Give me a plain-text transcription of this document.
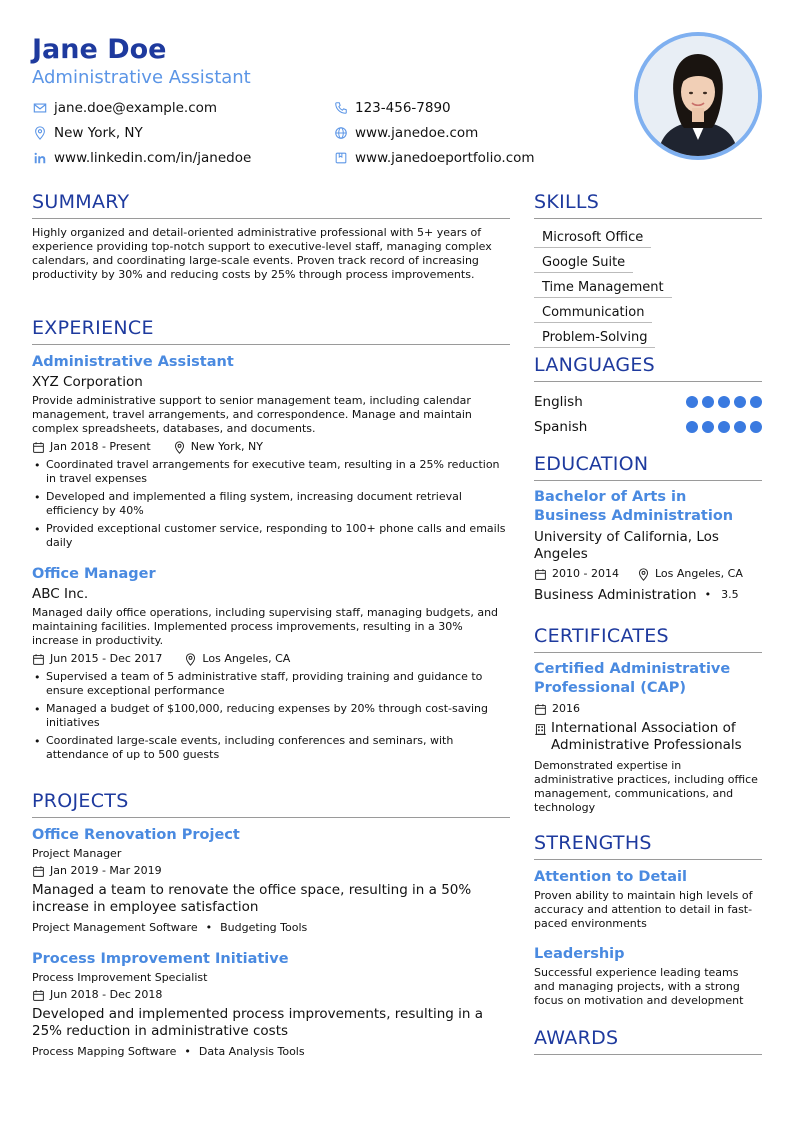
Jane Doe
Administrative Assistant
jane.doe@example.com	123-456-7890
New York, NY	www.janedoe.com
www.linkedin.com/in/janedoe	www.janedoeportfolio.com
SUMMARY
Highly organized and detail-oriented administrative professional with 5+ years of experience providing top-notch support to executive-level staff, managing complex calendars, and coordinating large-scale events. Proven track record of increasing productivity by 30% and reducing costs by 25% through process improvements.
EXPERIENCE
Administrative Assistant
XYZ Corporation
Provide administrative support to senior management team, including calendar management, travel arrangements, and correspondence. Manage and maintain complex spreadsheets, databases, and documents.
Jan 2018 - Present	New York, NY
• Coordinated travel arrangements for executive team, resulting in a 25% reduction in travel expenses
• Developed and implemented a filing system, increasing document retrieval efficiency by 40%
• Provided exceptional customer service, responding to 100+ phone calls and emails daily
Office Manager
ABC Inc.
Managed daily office operations, including supervising staff, managing budgets, and maintaining facilities. Implemented process improvements, resulting in a 30% increase in productivity.
Jun 2015 - Dec 2017	Los Angeles, CA
• Supervised a team of 5 administrative staff, providing training and guidance to ensure exceptional performance
• Managed a budget of $100,000, reducing expenses by 20% through cost-saving initiatives
• Coordinated large-scale events, including conferences and seminars, with attendance of up to 500 guests
PROJECTS
Office Renovation Project
Project Manager
Jan 2019 - Mar 2019
Managed a team to renovate the office space, resulting in a 50% increase in employee satisfaction
Project Management Software • Budgeting Tools
Process Improvement Initiative
Process Improvement Specialist
Jun 2018 - Dec 2018
Developed and implemented process improvements, resulting in a 25% reduction in administrative costs
Process Mapping Software • Data Analysis Tools
SKILLS
Microsoft Office
Google Suite
Time Management
Communication
Problem-Solving
LANGUAGES
English
Spanish
EDUCATION
Bachelor of Arts in Business Administration
University of California, Los Angeles
2010 - 2014	Los Angeles, CA
Business Administration • 3.5
CERTIFICATES
Certified Administrative Professional (CAP)
2016
International Association of Administrative Professionals
Demonstrated expertise in administrative practices, including office management, communications, and technology
STRENGTHS
Attention to Detail
Proven ability to maintain high levels of accuracy and attention to detail in fast-paced environments
Leadership
Successful experience leading teams and managing projects, with a strong focus on motivation and development
AWARDS
